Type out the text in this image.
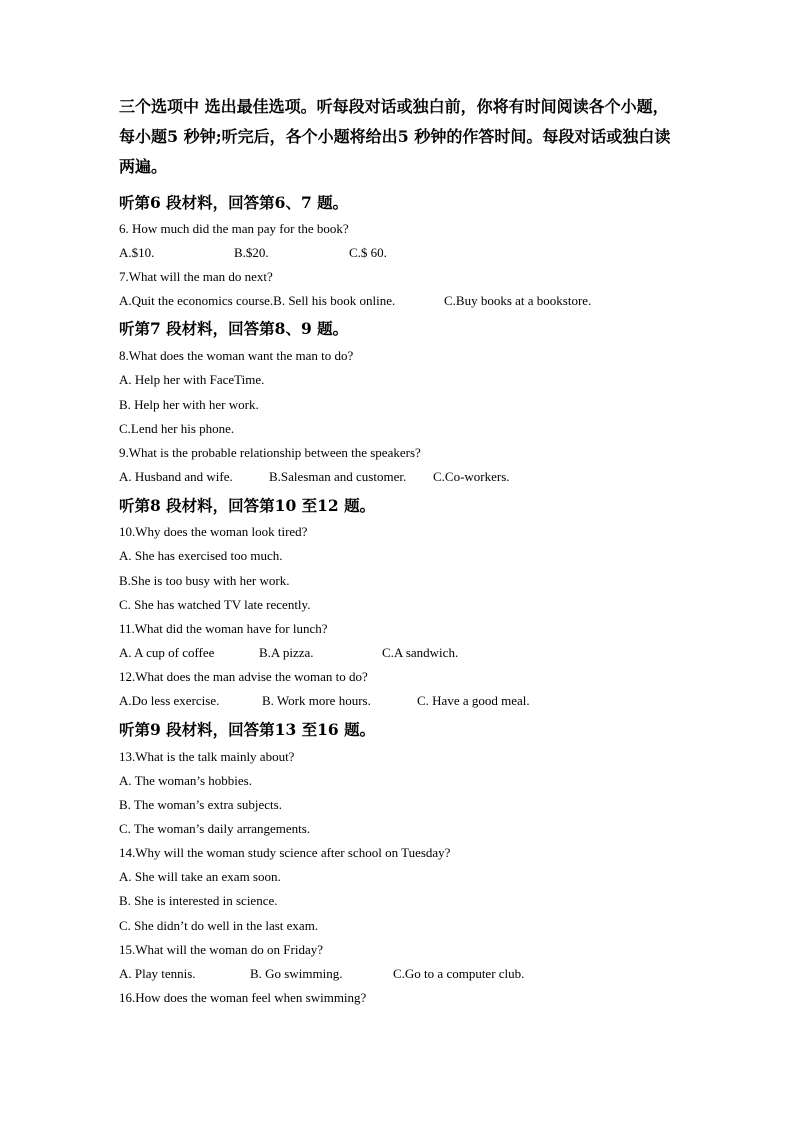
三个选项中 选出最佳选项。听每段对话或独白前，你将有时间阅读各个小题，
每小题5 秒钟;听完后，各个小题将给出5 秒钟的作答时间。每段对话或独白读
两遍。
听第6 段材料，回答第6、7 题。
6. How much did the man pay for the book?
A.$10.	B.$20.	C.$ 60.
7.What will the man do next?
A.Quit the economics course.B. Sell his book online.	C.Buy books at a bookstore.
听第7 段材料，回答第8、9 题。
8.What does the woman want the man to do?
A. Help her with FaceTime.
B. Help her with her work.
C.Lend her his phone.
9.What is the probable relationship between the speakers?
A. Husband and wife.	B.Salesman and customer. C.Co-workers.
听第8 段材料，回答第10 至12 题。
10.Why does the woman look tired?
A. She has exercised too much.
B.She is too busy with her work.
C. She has watched TV late recently.
11.What did the woman have for lunch?
A. A cup of coffee	B.A pizza.	C.A sandwich.
12.What does the man advise the woman to do?
A.Do less exercise.	B. Work more hours.	C. Have a good meal.
听第9 段材料，回答第13 至16 题。
13.What is the talk mainly about?
A. The woman’s hobbies.
B. The woman’s extra subjects.
C. The woman’s daily arrangements.
14.Why will the woman study science after school on Tuesday?
A. She will take an exam soon.
B. She is interested in science.
C. She didn’t do well in the last exam.
15.What will the woman do on Friday?
A. Play tennis.	B. Go swimming.	C.Go to a computer club.
16.How does the woman feel when swimming?
